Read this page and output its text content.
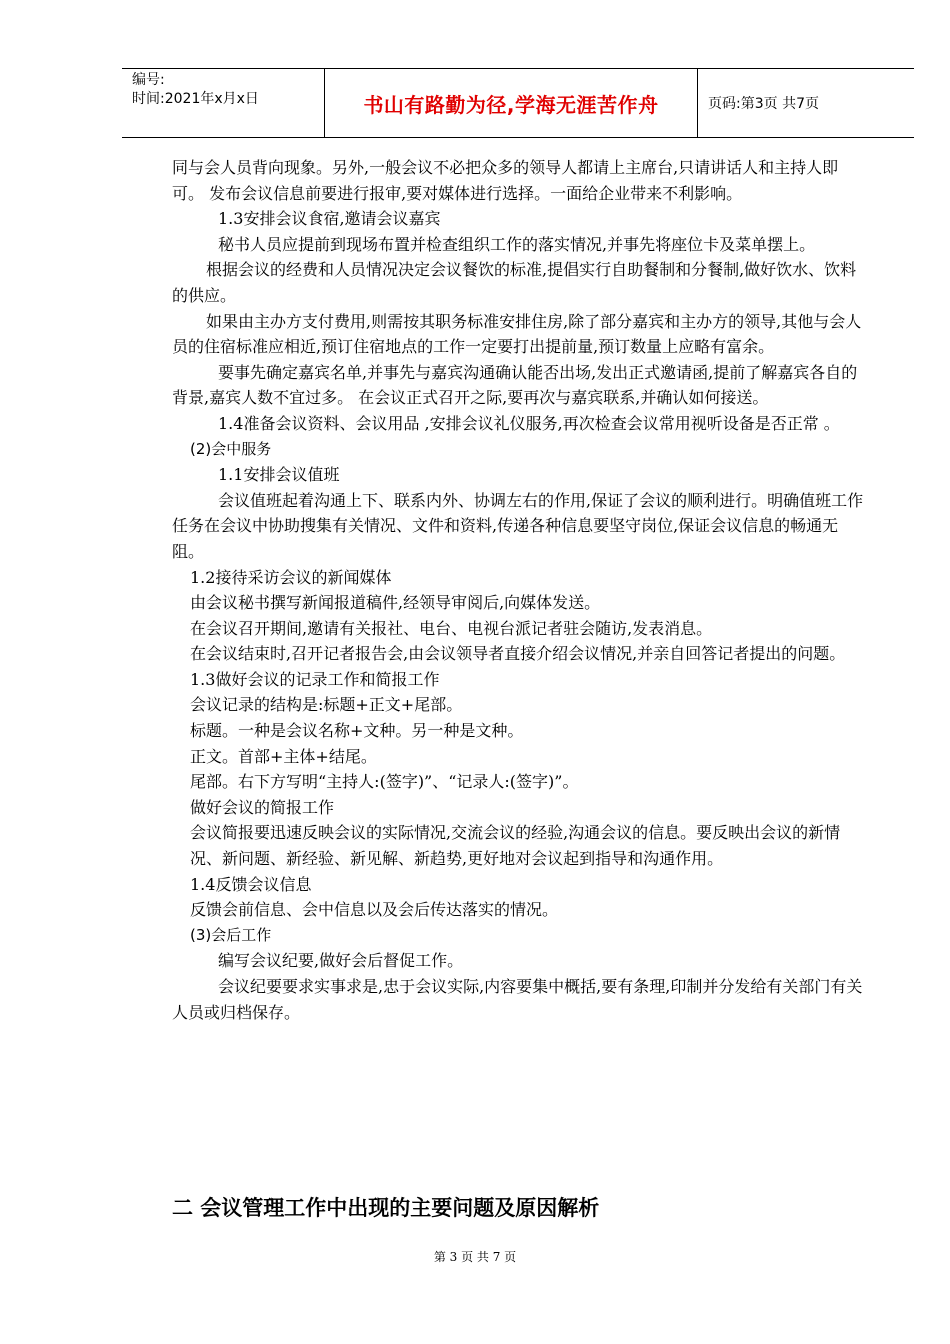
编号:
时间:2021年x月x日	书山有路勤为径,学海无涯苦作舟	页码:第3页 共7页

同与会人员背向现象。另外,一般会议不必把众多的领导人都请上主席台,只请讲话人和主持人即可。 发布会议信息前要进行报审,要对媒体进行选择。一面给企业带来不利影响。

1.3安排会议食宿,邀请会议嘉宾

秘书人员应提前到现场布置并检查组织工作的落实情况,并事先将座位卡及菜单摆上。

根据会议的经费和人员情况决定会议餐饮的标准,提倡实行自助餐制和分餐制,做好饮水、饮料的供应。

如果由主办方支付费用,则需按其职务标准安排住房,除了部分嘉宾和主办方的领导,其他与会人员的住宿标准应相近,预订住宿地点的工作一定要打出提前量,预订数量上应略有富余。

要事先确定嘉宾名单,并事先与嘉宾沟通确认能否出场,发出正式邀请函,提前了解嘉宾各自的背景,嘉宾人数不宜过多。 在会议正式召开之际,要再次与嘉宾联系,并确认如何接送。

1.4准备会议资料、会议用品 ,安排会议礼仪服务,再次检查会议常用视听设备是否正常 。

(2)会中服务

1.1安排会议值班

会议值班起着沟通上下、联系内外、协调左右的作用,保证了会议的顺利进行。明确值班工作任务在会议中协助搜集有关情况、文件和资料,传递各种信息要坚守岗位,保证会议信息的畅通无阻。

1.2接待采访会议的新闻媒体

由会议秘书撰写新闻报道稿件,经领导审阅后,向媒体发送。

在会议召开期间,邀请有关报社、电台、电视台派记者驻会随访,发表消息。

在会议结束时,召开记者报告会,由会议领导者直接介绍会议情况,并亲自回答记者提出的问题。

1.3做好会议的记录工作和简报工作

会议记录的结构是:标题+正文+尾部。

标题。一种是会议名称+文种。另一种是文种。

正文。首部+主体+结尾。

尾部。右下方写明“主持人:(签字)”、“记录人:(签字)”。

做好会议的简报工作

会议简报要迅速反映会议的实际情况,交流会议的经验,沟通会议的信息。要反映出会议的新情况、新问题、新经验、新见解、新趋势,更好地对会议起到指导和沟通作用。

1.4反馈会议信息

反馈会前信息、会中信息以及会后传达落实的情况。

(3)会后工作

编写会议纪要,做好会后督促工作。

会议纪要要求实事求是,忠于会议实际,内容要集中概括,要有条理,印制并分发给有关部门有关人员或归档保存。

二 会议管理工作中出现的主要问题及原因解析
第 3 页 共 7 页
